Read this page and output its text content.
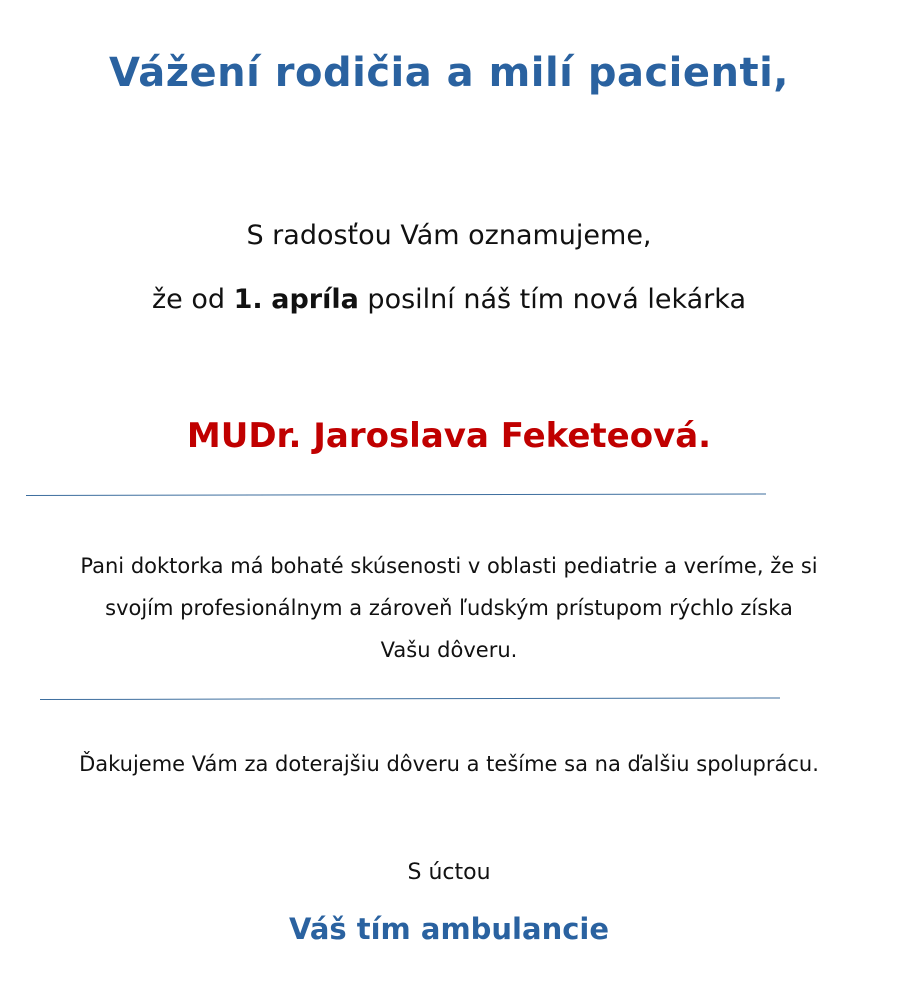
Vážení rodičia a milí pacienti,
S radosťou Vám oznamujeme,
že od 1. apríla posilní náš tím nová lekárka
MUDr. Jaroslava Feketeová.
Pani doktorka má bohaté skúsenosti v oblasti pediatrie a veríme, že si
svojím profesionálnym a zároveň ľudským prístupom rýchlo získa
Vašu dôveru.
Ďakujeme Vám za doterajšiu dôveru a tešíme sa na ďalšiu spoluprácu.
S úctou
Váš tím ambulancie
